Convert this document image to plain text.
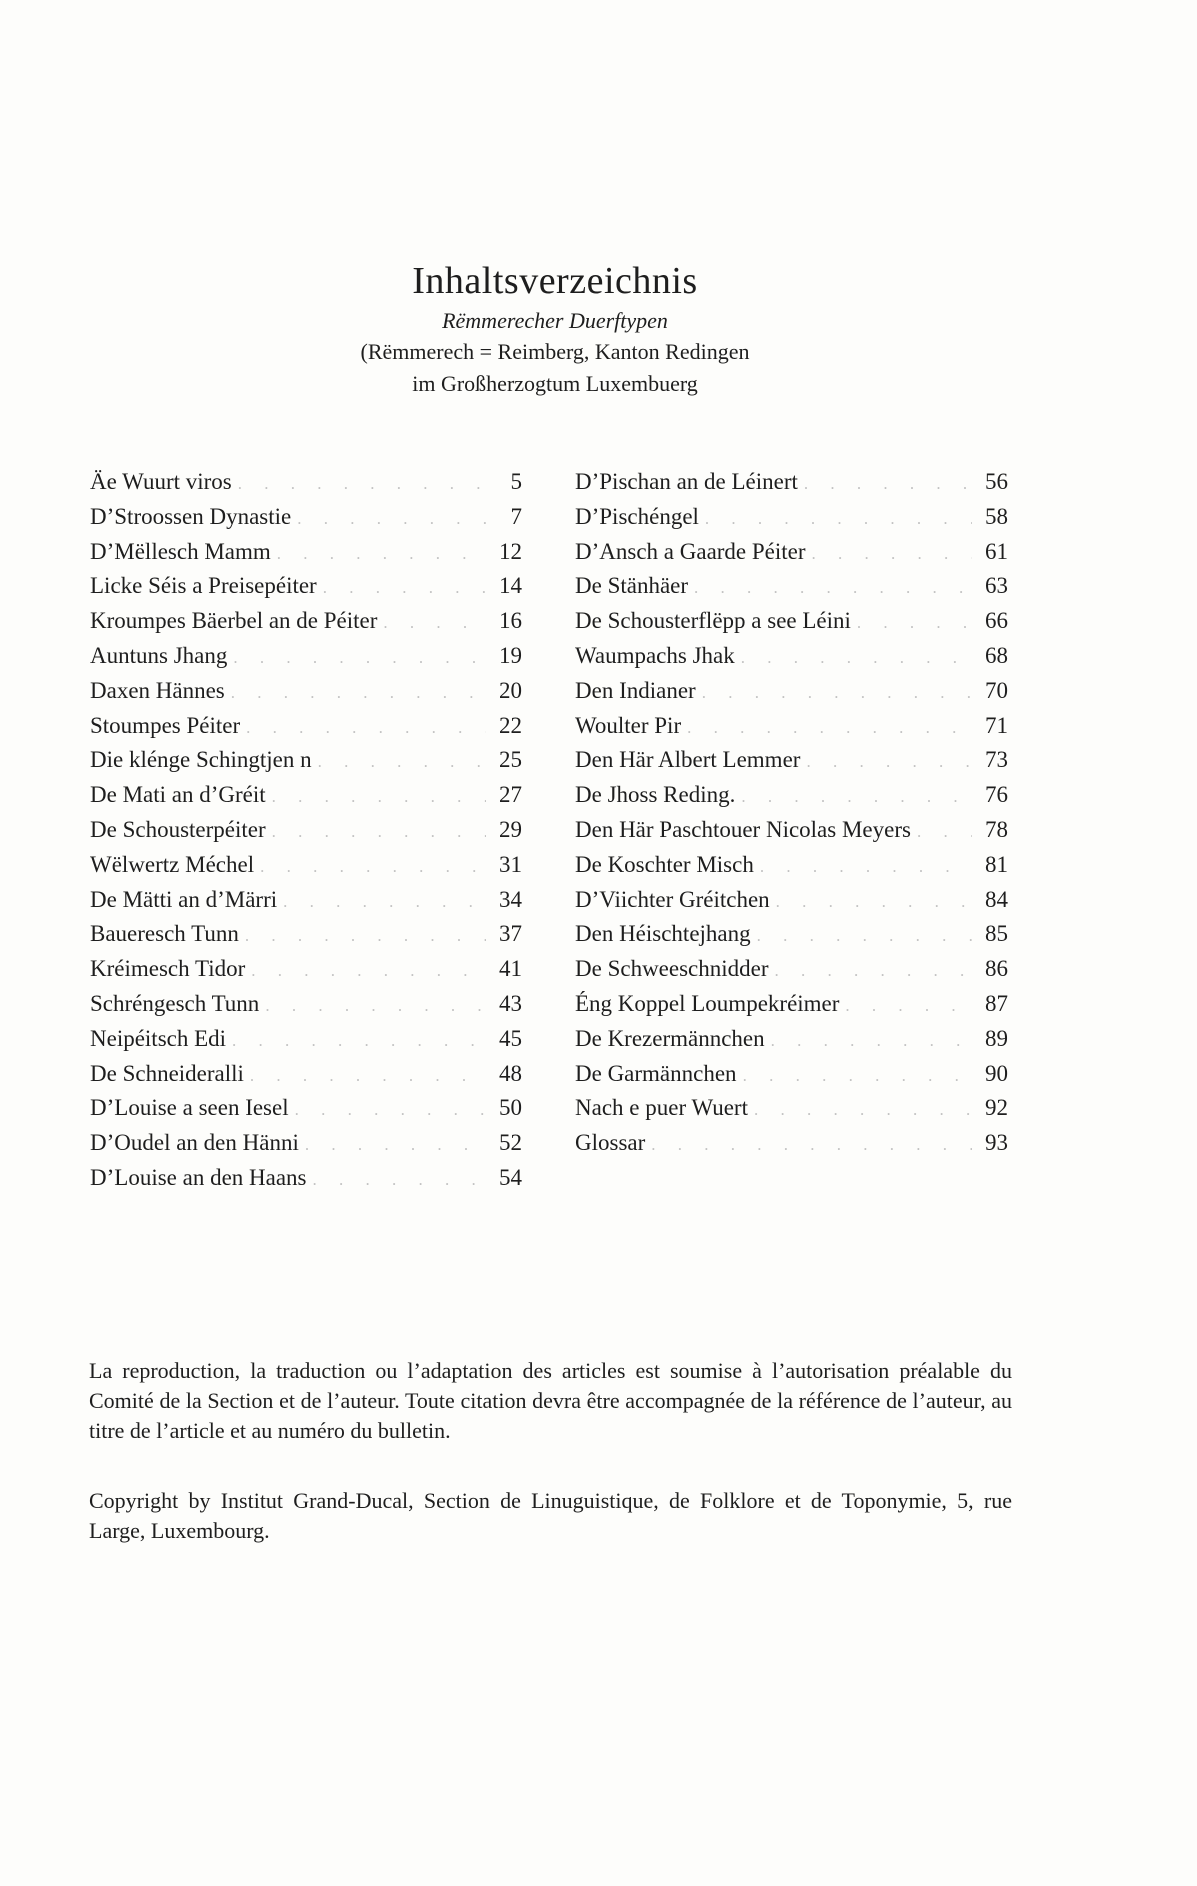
Inhaltsverzeichnis
Rëmmerecher Duerftypen
(Rëmmerech = Reimberg, Kanton Redingen
im Großherzogtum Luxembuerg
Äe Wuurt viros . . .	5
D’Stroossen Dynastie . . .	7
D’Mëllesch Mamm . . .	12
Licke Séis a Preisepéiter . . .	14
Kroumpes Bäerbel an de Péiter . . .	16
Auntuns Jhang . . .	19
Daxen Hännes . . .	20
Stoumpes Péiter . . .	22
Die klénge Schingtjen n . . .	25
De Mati an d’Gréit . . .	27
De Schousterpéiter . . .	29
Wëlwertz Méchel . . .	31
De Mätti an d’Märri . . .	34
Baueresch Tunn . . .	37
Kréimesch Tidor . . .	41
Schréngesch Tunn . . .	43
Neipéitsch Edi . . .	45
De Schneideralli . . .	48
D’Louise a seen Iesel . . .	50
D’Oudel an den Hänni . . .	52
D’Louise an den Haans . . .	54
D’Pischan an de Léinert . . .	56
D’Pischéngel . . .	58
D’Ansch a Gaarde Péiter . . .	61
De Stänhäer . . .	63
De Schousterflëpp a see Léini . . .	66
Waumpachs Jhak . . .	68
Den Indianer . . .	70
Woulter Pir . . .	71
Den Här Albert Lemmer . . .	73
De Jhoss Reding. . . .	76
Den Här Paschtouer Nicolas Meyers . . .	78
De Koschter Misch . . .	81
D’Viichter Gréitchen . . .	84
Den Héischtejhang . . .	85
De Schweeschnidder . . .	86
Éng Koppel Loumpekréimer . . .	87
De Krezermännchen . . .	89
De Garmännchen . . .	90
Nach e puer Wuert . . .	92
Glossar . . .	93

La reproduction, la traduction ou l’adaptation des articles est soumise à l’autorisation préalable du Comité de la Section et de l’auteur. Toute citation devra être accompagnée de la référence de l’auteur, au titre de l’article et au numéro du bulletin.

Copyright by Institut Grand-Ducal, Section de Linuguistique, de Folklore et de Toponymie, 5, rue Large, Luxembourg.
